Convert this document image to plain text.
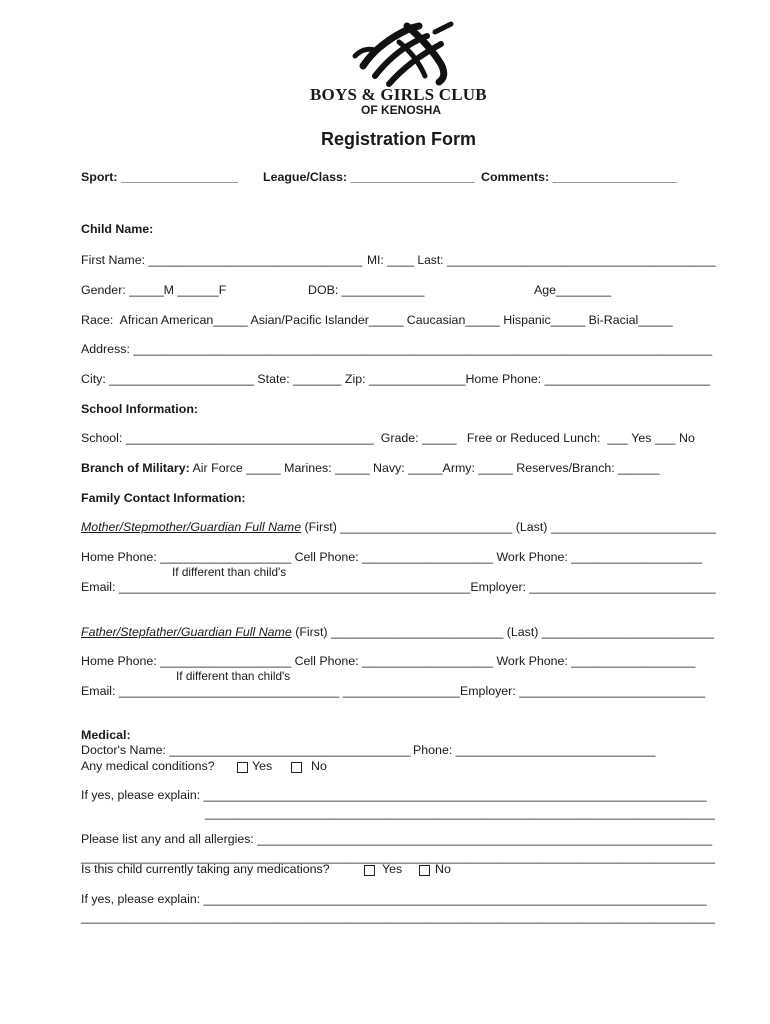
BOYS & GIRLS CLUB
OF KENOSHA
Registration Form
Sport: _________________ League/Class: __________________ Comments: __________________
Child Name:
First Name: _______________________________ MI: ____ Last: ________________________________________
Gender: _____M ______F	DOB: ____________	Age________
Race:  African American_____ Asian/Pacific Islander_____ Caucasian_____ Hispanic_____ Bi-Racial_____
Address: ____________________________________________________________________________________
City: _____________________ State: _______ Zip: ______________Home Phone: ________________________
School Information:
School: ____________________________________  Grade: _____   Free or Reduced Lunch:  ___ Yes ___ No
Branch of Military: Air Force _____ Marines: _____ Navy: _____Army: _____ Reserves/Branch: ______
Family Contact Information:
Mother/Stepmother/Guardian Full Name (First) _________________________ (Last) ________________________
Home Phone: ___________________ Cell Phone: ___________________ Work Phone: ___________________
If different than child's
Email: ___________________________________________________Employer: ___________________________
Father/Stepfather/Guardian Full Name (First) _________________________ (Last) _________________________
Home Phone: ___________________ Cell Phone: ___________________ Work Phone: __________________
If different than child's
Email: ________________________________ _________________Employer: ___________________________
Medical:
Doctor's Name: ___________________________________ Phone: _____________________________
Any medical conditions?	Yes	No
If yes, please explain: _________________________________________________________________________
__________________________________________________________________________
Please list any and all allergies: __________________________________________________________________
________________________________________________________________________________________________
Is this child currently taking any medications?	Yes	No
If yes, please explain: _________________________________________________________________________
________________________________________________________________________________________________
